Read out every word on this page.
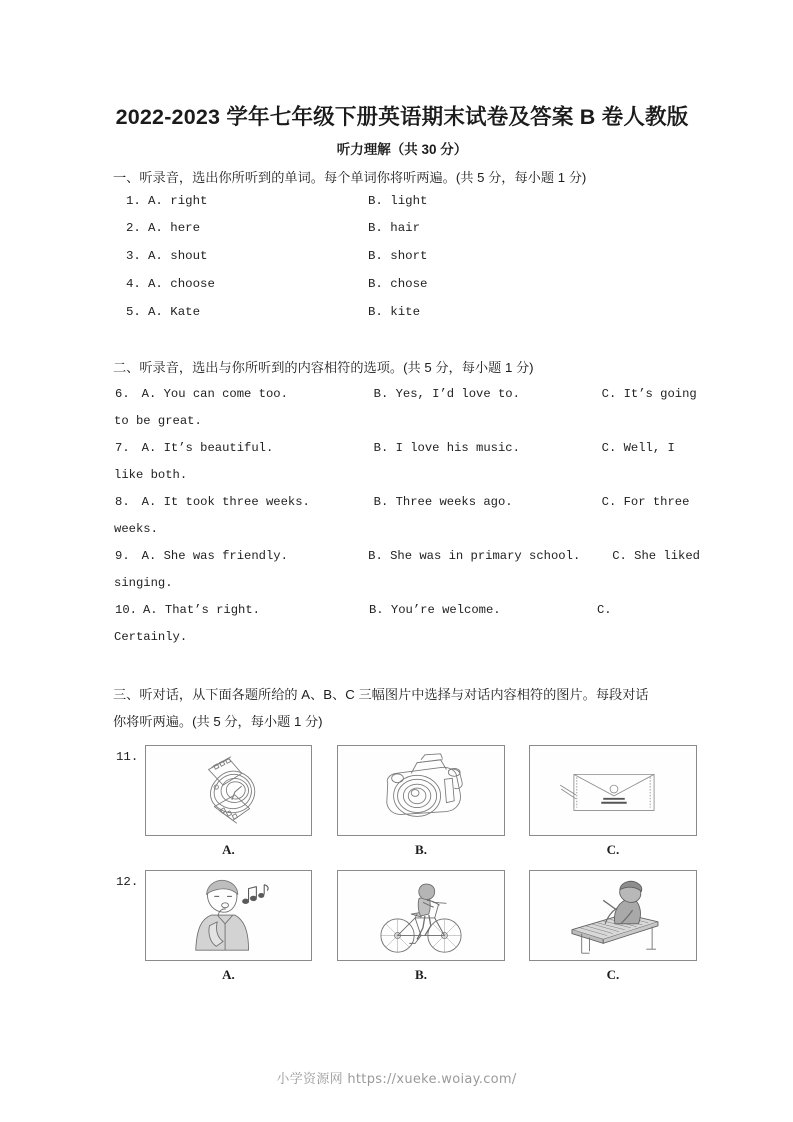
2022-2023 学年七年级下册英语期末试卷及答案 B 卷人教版
听力理解（共 30 分）
一、听录音，选出你所听到的单词。每个单词你将听两遍。(共 5 分，每小题 1 分)
1. A. right	B. light
2. A. here	B. hair
3. A. shout	B. short
4. A. choose	B. chose
5. A. Kate	B. kite
二、听录音，选出与你所听到的内容相符的选项。(共 5 分，每小题 1 分)
6. A. You can come too.	B. Yes, I’d love to.	C. It’s going
to be great.
7. A. It’s beautiful.	B. I love his music.	C. Well, I
like both.
8. A. It took three weeks.	B. Three weeks ago.	C. For three
weeks.
9. A. She was friendly.	B. She was in primary school.	C. She liked
singing.
10. A. That’s right.	B. You’re welcome.	C.
Certainly.
三、听对话，从下面各题所给的 A、B、C 三幅图片中选择与对话内容相符的图片。每段对话
你将听两遍。(共 5 分，每小题 1 分)
11.
A.	B.	C.
12.
A.	B.	C.
小学资源网 https://xueke.woiay.com/
